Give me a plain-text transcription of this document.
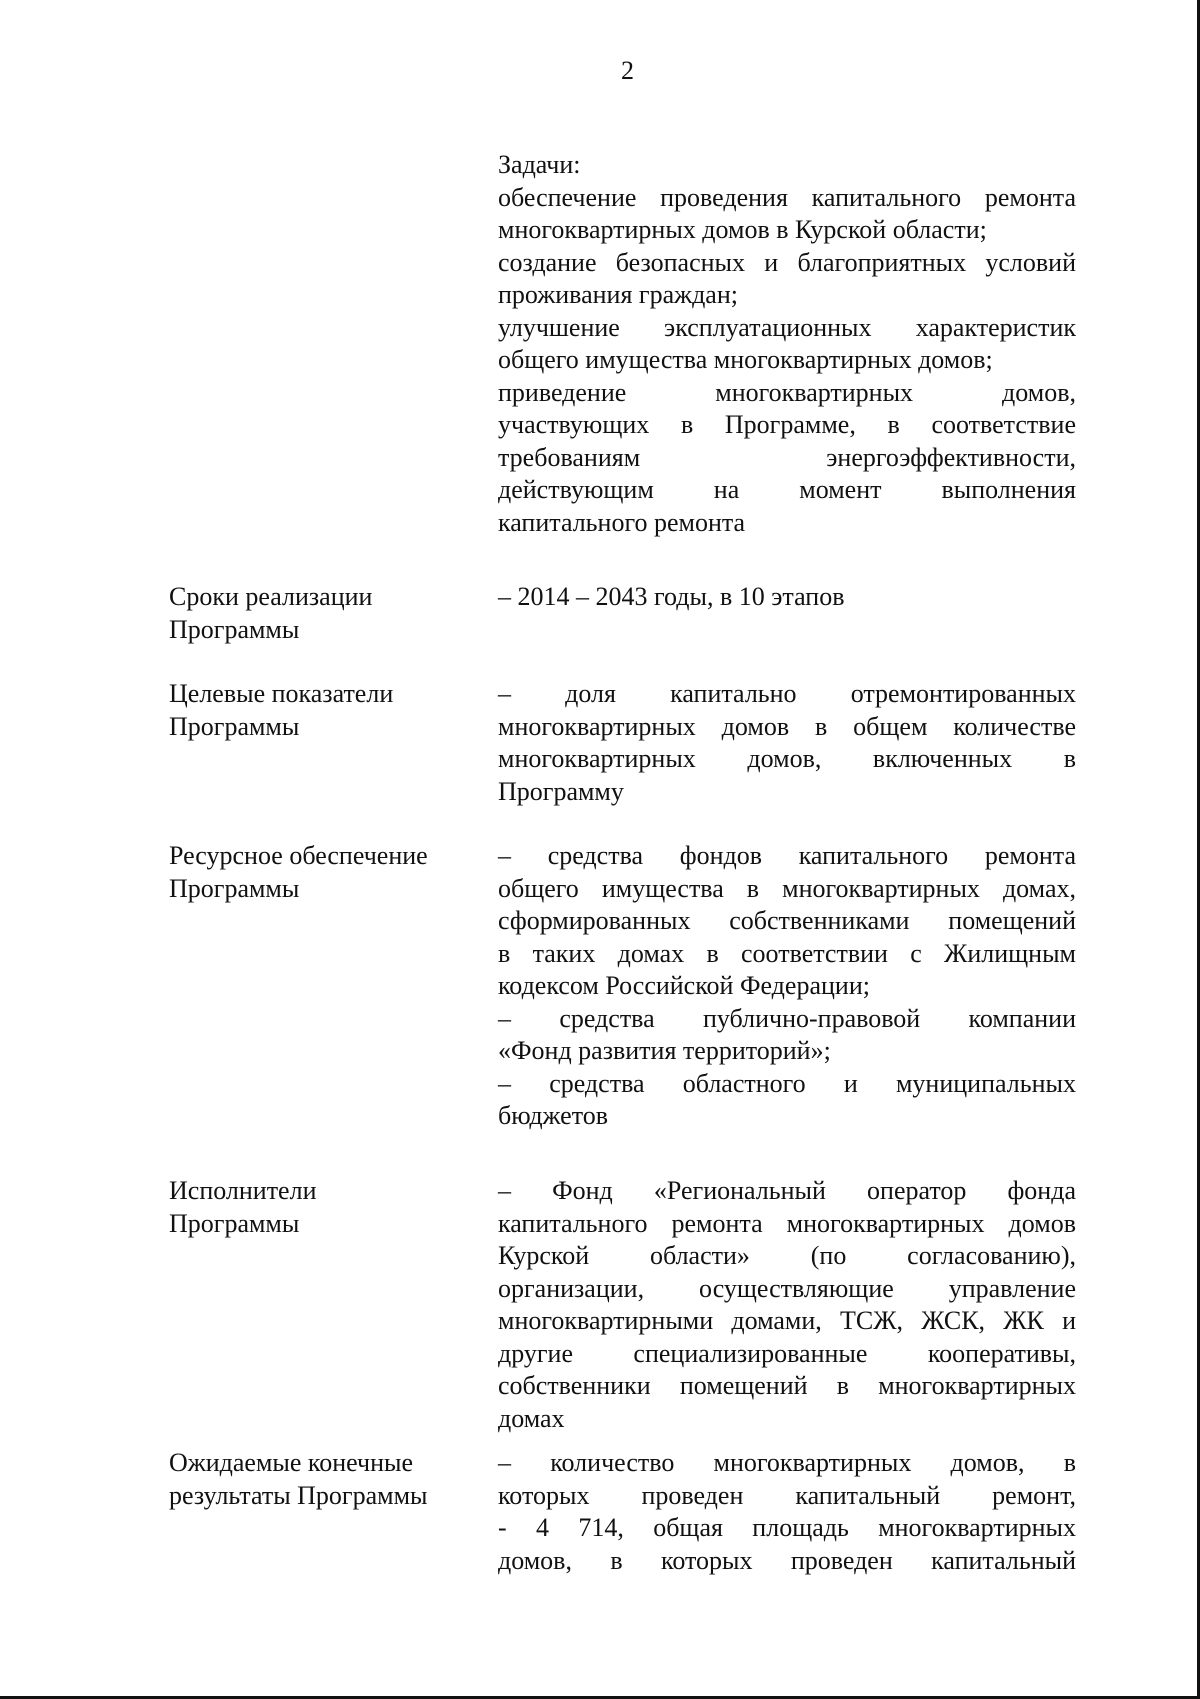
2
Задачи:
обеспечение проведения капитального ремонта
многоквартирных домов в Курской области;
создание безопасных и благоприятных условий
проживания граждан;
улучшение эксплуатационных характеристик
общего имущества многоквартирных домов;
приведение многоквартирных домов,
участвующих в Программе, в соответствие
требованиям энергоэффективности,
действующим на момент выполнения
капитального ремонта
Сроки реализации
Программы
– 2014 – 2043 годы, в 10 этапов
Целевые показатели
Программы
– доля капитально отремонтированных
многоквартирных домов в общем количестве
многоквартирных домов, включенных в
Программу
Ресурсное обеспечение
Программы
– средства фондов капитального ремонта
общего имущества в многоквартирных домах,
сформированных собственниками помещений
в таких домах в соответствии с Жилищным
кодексом Российской Федерации;
– средства публично-правовой компании
«Фонд развития территорий»;
– средства областного и муниципальных
бюджетов
Исполнители
Программы
– Фонд «Региональный оператор фонда
капитального ремонта многоквартирных домов
Курской области» (по согласованию),
организации, осуществляющие управление
многоквартирными домами, ТСЖ, ЖСК, ЖК и
другие специализированные кооперативы,
собственники помещений в многоквартирных
домах
Ожидаемые конечные
результаты Программы
– количество многоквартирных домов, в
которых проведен капитальный ремонт,
- 4 714, общая площадь многоквартирных
домов, в которых проведен капитальный
